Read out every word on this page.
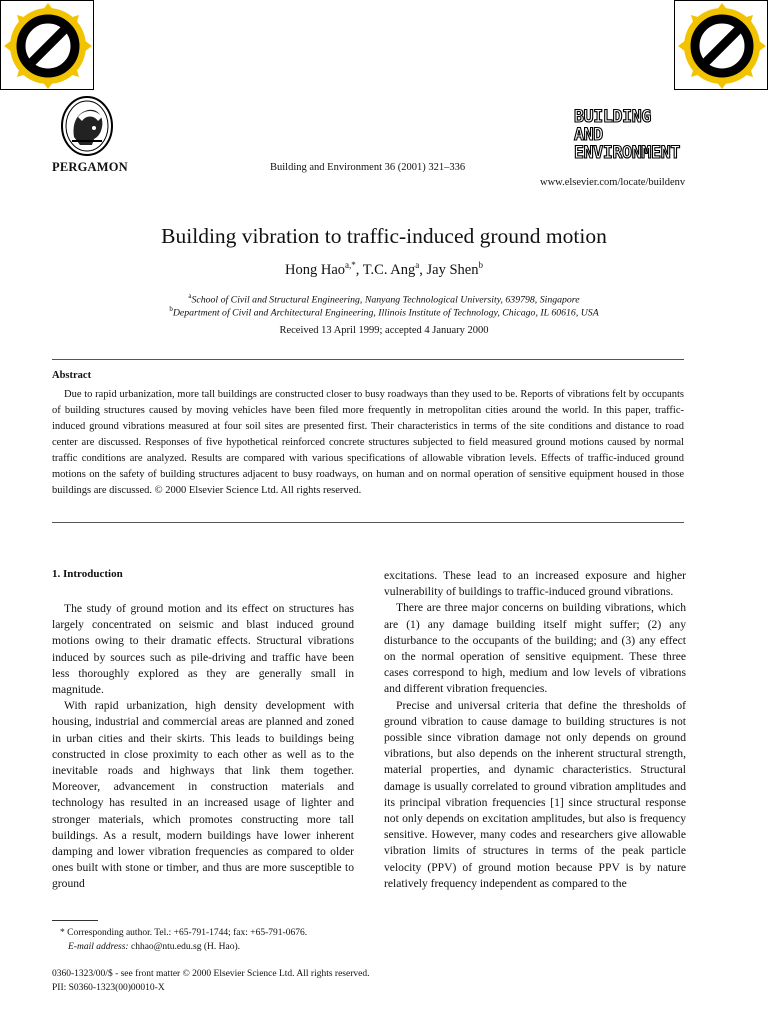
PERGAMON	Building and Environment 36 (2001) 321–336
BUILDING AND
ENVIRONMENT
www.elsevier.com/locate/buildenv
Building vibration to traffic-induced ground motion
Hong Hao$^{a,*}$, T.C. Ang$^a$, Jay Shen$^b$
$^a$School of Civil and Structural Engineering, Nanyang Technological University, 639798, Singapore
$^b$Department of Civil and Architectural Engineering, Illinois Institute of Technology, Chicago, IL 60616, USA
Received 13 April 1999; accepted 4 January 2000
Abstract
Due to rapid urbanization, more tall buildings are constructed closer to busy roadways than they used to be. Reports of vibrations felt by occupants of building structures caused by moving vehicles have been filed more frequently in metropolitan cities around the world. In this paper, traffic-induced ground vibrations measured at four soil sites are presented first. Their characteristics in terms of the site conditions and distance to road center are discussed. Responses of five hypothetical reinforced concrete structures subjected to field measured ground motions caused by normal traffic conditions are analyzed. Results are compared with various specifications of allowable vibration levels. Effects of traffic-induced ground motions on the safety of building structures adjacent to busy roadways, on human and on normal operation of sensitive equipment housed in those buildings are discussed. © 2000 Elsevier Science Ltd. All rights reserved.
1. Introduction

The study of ground motion and its effect on structures has largely concentrated on seismic and blast induced ground motions owing to their dramatic effects. Structural vibrations induced by sources such as pile-driving and traffic have been less thoroughly explored as they are generally small in magnitude.

With rapid urbanization, high density development with housing, industrial and commercial areas are planned and zoned in urban cities and their skirts. This leads to buildings being constructed in close proximity to each other as well as to the inevitable roads and highways that link them together. Moreover, advancement in construction materials and technology has resulted in an increased usage of lighter and stronger materials, which promotes constructing more tall buildings. As a result, modern buildings have lower inherent damping and lower vibration frequencies as compared to older ones built with stone or timber, and thus are more susceptible to ground

excitations. These lead to an increased exposure and higher vulnerability of buildings to traffic-induced ground vibrations.

There are three major concerns on building vibrations, which are (1) any damage building itself might suffer; (2) any disturbance to the occupants of the building; and (3) any effect on the normal operation of sensitive equipment. These three cases correspond to high, medium and low levels of vibrations and different vibration frequencies.

Precise and universal criteria that define the thresholds of ground vibration to cause damage to building structures is not possible since vibration damage not only depends on ground vibrations, but also depends on the inherent structural strength, material properties, and dynamic characteristics. Structural damage is usually correlated to ground vibration amplitudes and its principal vibration frequencies [1] since structural response not only depends on excitation amplitudes, but also is frequency sensitive. However, many codes and researchers give allowable vibration limits of structures in terms of the peak particle velocity (PPV) of ground motion because PPV is by nature relatively frequency independent as compared to the

* Corresponding author. Tel.: +65-791-1744; fax: +65-791-0676.
E-mail address: chhao@ntu.edu.sg (H. Hao).
0360-1323/00/$ - see front matter © 2000 Elsevier Science Ltd. All rights reserved.
PII: S0360-1323(00)00010-X
